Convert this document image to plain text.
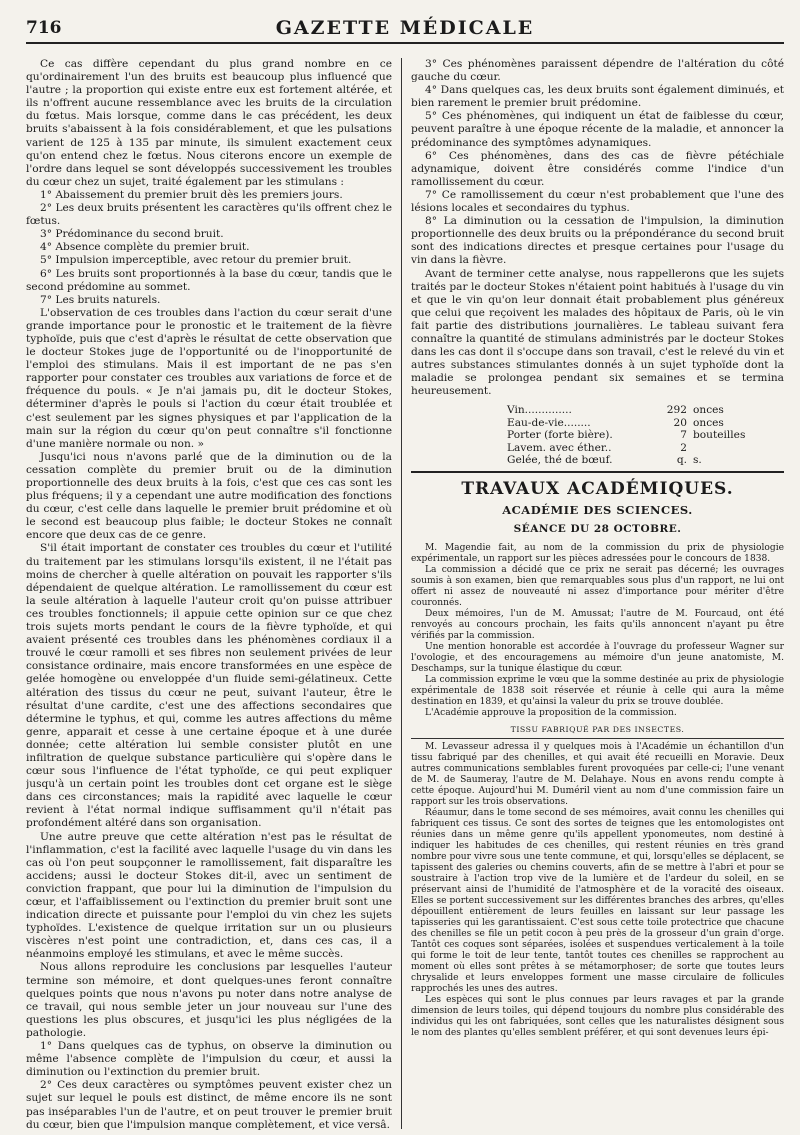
716	GAZETTE MÉDICALE

Ce cas diffère cependant du plus grand nombre en ce qu'ordinairement l'un des bruits est beaucoup plus influencé que l'autre ; la proportion qui existe entre eux est fortement altérée, et ils n'offrent aucune ressemblance avec les bruits de la circulation du fœtus. Mais lorsque, comme dans le cas précédent, les deux bruits s'abaissent à la fois considérablement, et que les pulsations varient de 125 à 135 par minute, ils simulent exactement ceux qu'on entend chez le fœtus. Nous citerons encore un exemple de l'ordre dans lequel se sont développés successivement les troubles du cœur chez un sujet, traité également par les stimulans :

1° Abaissement du premier bruit dès les premiers jours.

2° Les deux bruits présentent les caractères qu'ils offrent chez le fœtus.

3° Prédominance du second bruit.

4° Absence complète du premier bruit.

5° Impulsion imperceptible, avec retour du premier bruit.

6° Les bruits sont proportionnés à la base du cœur, tandis que le second prédomine au sommet.

7° Les bruits naturels.

L'observation de ces troubles dans l'action du cœur serait d'une grande importance pour le pronostic et le traitement de la fièvre typhoïde, puis que c'est d'après le résultat de cette observation que le docteur Stokes juge de l'opportunité ou de l'inopportunité de l'emploi des stimulans. Mais il est important de ne pas s'en rapporter pour constater ces troubles aux variations de force et de fréquence du pouls. « Je n'ai jamais pu, dit le docteur Stokes, déterminer d'après le pouls si l'action du cœur était troublée et c'est seulement par les signes physiques et par l'application de la main sur la région du cœur qu'on peut connaître s'il fonctionne d'une manière normale ou non. »

Jusqu'ici nous n'avons parlé que de la diminution ou de la cessation complète du premier bruit ou de la diminution proportionnelle des deux bruits à la fois, c'est que ces cas sont les plus fréquens; il y a cependant une autre modification des fonctions du cœur, c'est celle dans laquelle le premier bruit prédomine et où le second est beaucoup plus faible; le docteur Stokes ne connaît encore que deux cas de ce genre.

S'il était important de constater ces troubles du cœur et l'utilité du traitement par les stimulans lorsqu'ils existent, il ne l'était pas moins de chercher à quelle altération on pouvait les rapporter s'ils dépendaient de quelque altération. Le ramollissement du cœur est la seule altération à laquelle l'auteur croit qu'on puisse attribuer ces troubles fonctionnels; il appuie cette opinion sur ce que chez trois sujets morts pendant le cours de la fièvre typhoïde, et qui avaient présenté ces troubles dans les phénomènes cordiaux il a trouvé le cœur ramolli et ses fibres non seulement privées de leur consistance ordinaire, mais encore transformées en une espèce de gelée homogène ou enveloppée d'un fluide semi-gélatineux. Cette altération des tissus du cœur ne peut, suivant l'auteur, être le résultat d'une cardite, c'est une des affections secondaires que détermine le typhus, et qui, comme les autres affections du même genre, apparait et cesse à une certaine époque et à une durée donnée; cette altération lui semble consister plutôt en une infiltration de quelque substance particulière qui s'opère dans le cœur sous l'influence de l'état typhoïde, ce qui peut expliquer jusqu'à un certain point les troubles dont cet organe est le siège dans ces circonstances; mais la rapidité avec laquelle le cœur revient à l'état normal indique suffisamment qu'il n'était pas profondément altéré dans son organisation.

Une autre preuve que cette altération n'est pas le résultat de l'inflammation, c'est la facilité avec laquelle l'usage du vin dans les cas où l'on peut soupçonner le ramollissement, fait disparaître les accidens; aussi le docteur Stokes dit-il, avec un sentiment de conviction frappant, que pour lui la diminution de l'impulsion du cœur, et l'affaiblissement ou l'extinction du premier bruit sont une indication directe et puissante pour l'emploi du vin chez les sujets typhoïdes. L'existence de quelque irritation sur un ou plusieurs viscères n'est point une contradiction, et, dans ces cas, il a néanmoins employé les stimulans, et avec le même succès.

Nous allons reproduire les conclusions par lesquelles l'auteur termine son mémoire, et dont quelques-unes feront connaître quelques points que nous n'avons pu noter dans notre analyse de ce travail, qui nous semble jeter un jour nouveau sur l'une des questions les plus obscures, et jusqu'ici les plus négligées de la pathologie.

1° Dans quelques cas de typhus, on observe la diminution ou même l'absence complète de l'impulsion du cœur, et aussi la diminution ou l'extinction du premier bruit.

2° Ces deux caractères ou symptômes peuvent exister chez un sujet sur lequel le pouls est distinct, de même encore ils ne sont pas inséparables l'un de l'autre, et on peut trouver le premier bruit du cœur, bien que l'impulsion manque complètement, et vice versâ.

3° Ces phénomènes paraissent dépendre de l'altération du côté gauche du cœur.

4° Dans quelques cas, les deux bruits sont également diminués, et bien rarement le premier bruit prédomine.

5° Ces phénomènes, qui indiquent un état de faiblesse du cœur, peuvent paraître à une époque récente de la maladie, et annoncer la prédominance des symptômes adynamiques.

6° Ces phénomènes, dans des cas de fièvre pétéchiale adynamique, doivent être considérés comme l'indice d'un ramollissement du cœur.

7° Ce ramollissement du cœur n'est probablement que l'une des lésions locales et secondaires du typhus.

8° La diminution ou la cessation de l'impulsion, la diminution proportionnelle des deux bruits ou la prépondérance du second bruit sont des indications directes et presque certaines pour l'usage du vin dans la fièvre.

Avant de terminer cette analyse, nous rappellerons que les sujets traités par le docteur Stokes n'étaient point habitués à l'usage du vin et que le vin qu'on leur donnait était probablement plus généreux que celui que reçoivent les malades des hôpitaux de Paris, où le vin fait partie des distributions journalières. Le tableau suivant fera connaître la quantité de stimulans administrés par le docteur Stokes dans les cas dont il s'occupe dans son travail, c'est le relevé du vin et autres substances stimulantes donnés à un sujet typhoïde dont la maladie se prolongea pendant six semaines et se termina heureusement.

Vin..............	292	onces
Eau-de-vie........	20	onces
Porter (forte bière).	7	bouteilles
Lavem. avec éther..	2	
Gelée, thé de bœuf.	q.	s.
TRAVAUX ACADÉMIQUES.
ACADÉMIE DES SCIENCES.
SÉANCE DU 28 OCTOBRE.

M. Magendie fait, au nom de la commission du prix de physiologie expérimentale, un rapport sur les pièces adressées pour le concours de 1838.

La commission a décidé que ce prix ne serait pas décerné; les ouvrages soumis à son examen, bien que remarquables sous plus d'un rapport, ne lui ont offert ni assez de nouveauté ni assez d'importance pour mériter d'être couronnés.

Deux mémoires, l'un de M. Amussat; l'autre de M. Fourcaud, ont été renvoyés au concours prochain, les faits qu'ils annoncent n'ayant pu être vérifiés par la commission.

Une mention honorable est accordée à l'ouvrage du professeur Wagner sur l'ovologie, et des encouragemens au mémoire d'un jeune anatomiste, M. Deschamps, sur la tunique élastique du cœur.

La commission exprime le vœu que la somme destinée au prix de physiologie expérimentale de 1838 soit réservée et réunie à celle qui aura la même destination en 1839, et qu'ainsi la valeur du prix se trouve doublée.

L'Académie approuve la proposition de la commission.

TISSU FABRIQUÉ PAR DES INSECTES.

M. Levasseur adressa il y quelques mois à l'Académie un échantillon d'un tissu fabriqué par des chenilles, et qui avait été recueilli en Moravie. Deux autres communications semblables furent provoquées par celle-ci; l'une venant de M. de Saumeray, l'autre de M. Delahaye. Nous en avons rendu compte à cette époque. Aujourd'hui M. Duméril vient au nom d'une commission faire un rapport sur les trois observations.

Réaumur, dans le tome second de ses mémoires, avait connu les chenilles qui fabriquent ces tissus. Ce sont des sortes de teignes que les entomologistes ont réunies dans un même genre qu'ils appellent yponomeutes, nom destiné à indiquer les habitudes de ces chenilles, qui restent réunies en très grand nombre pour vivre sous une tente commune, et qui, lorsqu'elles se déplacent, se tapissent des galeries ou chemins couverts, afin de se mettre à l'abri et pour se soustraire à l'action trop vive de la lumière et de l'ardeur du soleil, en se préservant ainsi de l'humidité de l'atmosphère et de la voracité des oiseaux. Elles se portent successivement sur les différentes branches des arbres, qu'elles dépouillent entièrement de leurs feuilles en laissant sur leur passage les tapisseries qui les garantissaient. C'est sous cette toile protectrice que chacune des chenilles se file un petit cocon à peu près de la grosseur d'un grain d'orge. Tantôt ces coques sont séparées, isolées et suspendues verticalement à la toile qui forme le toit de leur tente, tantôt toutes ces chenilles se rapprochent au moment où elles sont prêtes à se métamorphoser; de sorte que toutes leurs chrysalide et leurs enveloppes forment une masse circulaire de follicules rapprochés les unes des autres.

Les espèces qui sont le plus connues par leurs ravages et par la grande dimension de leurs toiles, qui dépend toujours du nombre plus considérable des individus qui les ont fabriquées, sont celles que les naturalistes désignent sous le nom des plantes qu'elles semblent préférer, et qui sont devenues leurs épi-
